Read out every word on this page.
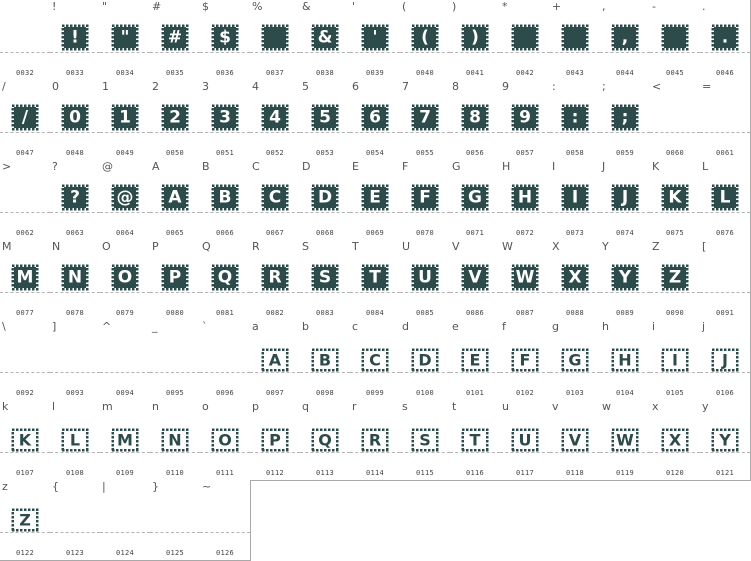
0032
!
!
0033
"
"
0034
#
#
0035
$
$
0036
%
0037
&
&
0038
'
'
0039
(
(
0040
)
)
0041
*
0042
+
0043
,
,
0044
-
0045
.
.
0046
/
/
0047
0
0
0048
1
1
0049
2
2
0050
3
3
0051
4
4
0052
5
5
0053
6
6
0054
7
7
0055
8
8
0056
9
9
0057
:
:
0058
;
;
0059
<
0060
=
0061
>
0062
?
?
0063
@
@
0064
A
A
0065
B
B
0066
C
C
0067
D
D
0068
E
E
0069
F
F
0070
G
G
0071
H
H
0072
I
I
0073
J
J
0074
K
K
0075
L
L
0076
M
M
0077
N
N
0078
O
O
0079
P
P
0080
Q
Q
0081
R
R
0082
S
S
0083
T
T
0084
U
U
0085
V
V
0086
W
W
0087
X
X
0088
Y
Y
0089
Z
Z
0090
[
0091
\
0092
]
0093
^
0094
_
0095
`
0096
a
A
0097
b
B
0098
c
C
0099
d
D
0100
e
E
0101
f
F
0102
g
G
0103
h
H
0104
i
I
0105
j
J
0106
k
K
0107
l
L
0108
m
M
0109
n
N
0110
o
O
0111
p
P
0112
q
Q
0113
r
R
0114
s
S
0115
t
T
0116
u
U
0117
v
V
0118
w
W
0119
x
X
0120
y
Y
0121
z
Z
0122
{
0123
|
0124
}
0125
~
0126
